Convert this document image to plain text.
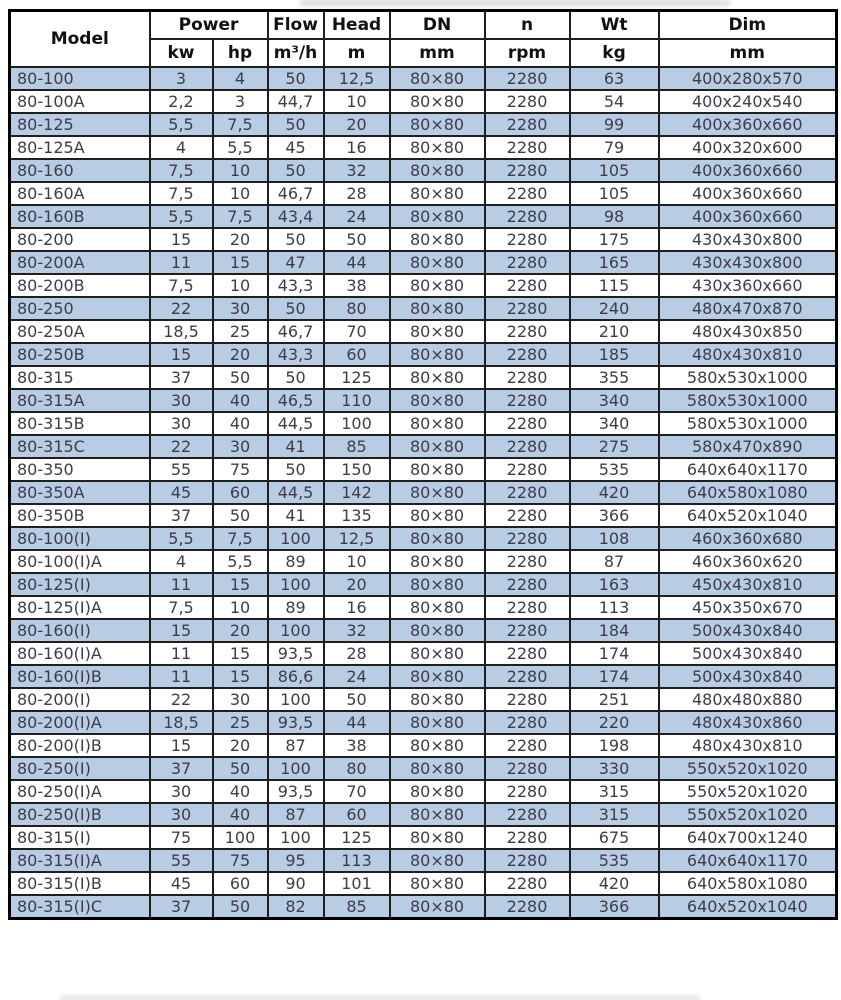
Model	Power		Flow	Head	DN	n	Wt	Dim
	kw	hp	m³/h	m	mm	rpm	kg	mm
80-100	3	4	50	12,5	80×80	2280	63	400x280x570
80-100A	2,2	3	44,7	10	80×80	2280	54	400x240x540
80-125	5,5	7,5	50	20	80×80	2280	99	400x360x660
80-125A	4	5,5	45	16	80×80	2280	79	400x320x600
80-160	7,5	10	50	32	80×80	2280	105	400x360x660
80-160A	7,5	10	46,7	28	80×80	2280	105	400x360x660
80-160B	5,5	7,5	43,4	24	80×80	2280	98	400x360x660
80-200	15	20	50	50	80×80	2280	175	430x430x800
80-200A	11	15	47	44	80×80	2280	165	430x430x800
80-200B	7,5	10	43,3	38	80×80	2280	115	430x360x660
80-250	22	30	50	80	80×80	2280	240	480x470x870
80-250A	18,5	25	46,7	70	80×80	2280	210	480x430x850
80-250B	15	20	43,3	60	80×80	2280	185	480x430x810
80-315	37	50	50	125	80×80	2280	355	580x530x1000
80-315A	30	40	46,5	110	80×80	2280	340	580x530x1000
80-315B	30	40	44,5	100	80×80	2280	340	580x530x1000
80-315C	22	30	41	85	80×80	2280	275	580x470x890
80-350	55	75	50	150	80×80	2280	535	640x640x1170
80-350A	45	60	44,5	142	80×80	2280	420	640x580x1080
80-350B	37	50	41	135	80×80	2280	366	640x520x1040
80-100(I)	5,5	7,5	100	12,5	80×80	2280	108	460x360x680
80-100(I)A	4	5,5	89	10	80×80	2280	87	460x360x620
80-125(I)	11	15	100	20	80×80	2280	163	450x430x810
80-125(I)A	7,5	10	89	16	80×80	2280	113	450x350x670
80-160(I)	15	20	100	32	80×80	2280	184	500x430x840
80-160(I)A	11	15	93,5	28	80×80	2280	174	500x430x840
80-160(I)B	11	15	86,6	24	80×80	2280	174	500x430x840
80-200(I)	22	30	100	50	80×80	2280	251	480x480x880
80-200(I)A	18,5	25	93,5	44	80×80	2280	220	480x430x860
80-200(I)B	15	20	87	38	80×80	2280	198	480x430x810
80-250(I)	37	50	100	80	80×80	2280	330	550x520x1020
80-250(I)A	30	40	93,5	70	80×80	2280	315	550x520x1020
80-250(I)B	30	40	87	60	80×80	2280	315	550x520x1020
80-315(I)	75	100	100	125	80×80	2280	675	640x700x1240
80-315(I)A	55	75	95	113	80×80	2280	535	640x640x1170
80-315(I)B	45	60	90	101	80×80	2280	420	640x580x1080
80-315(I)C	37	50	82	85	80×80	2280	366	640x520x1040
